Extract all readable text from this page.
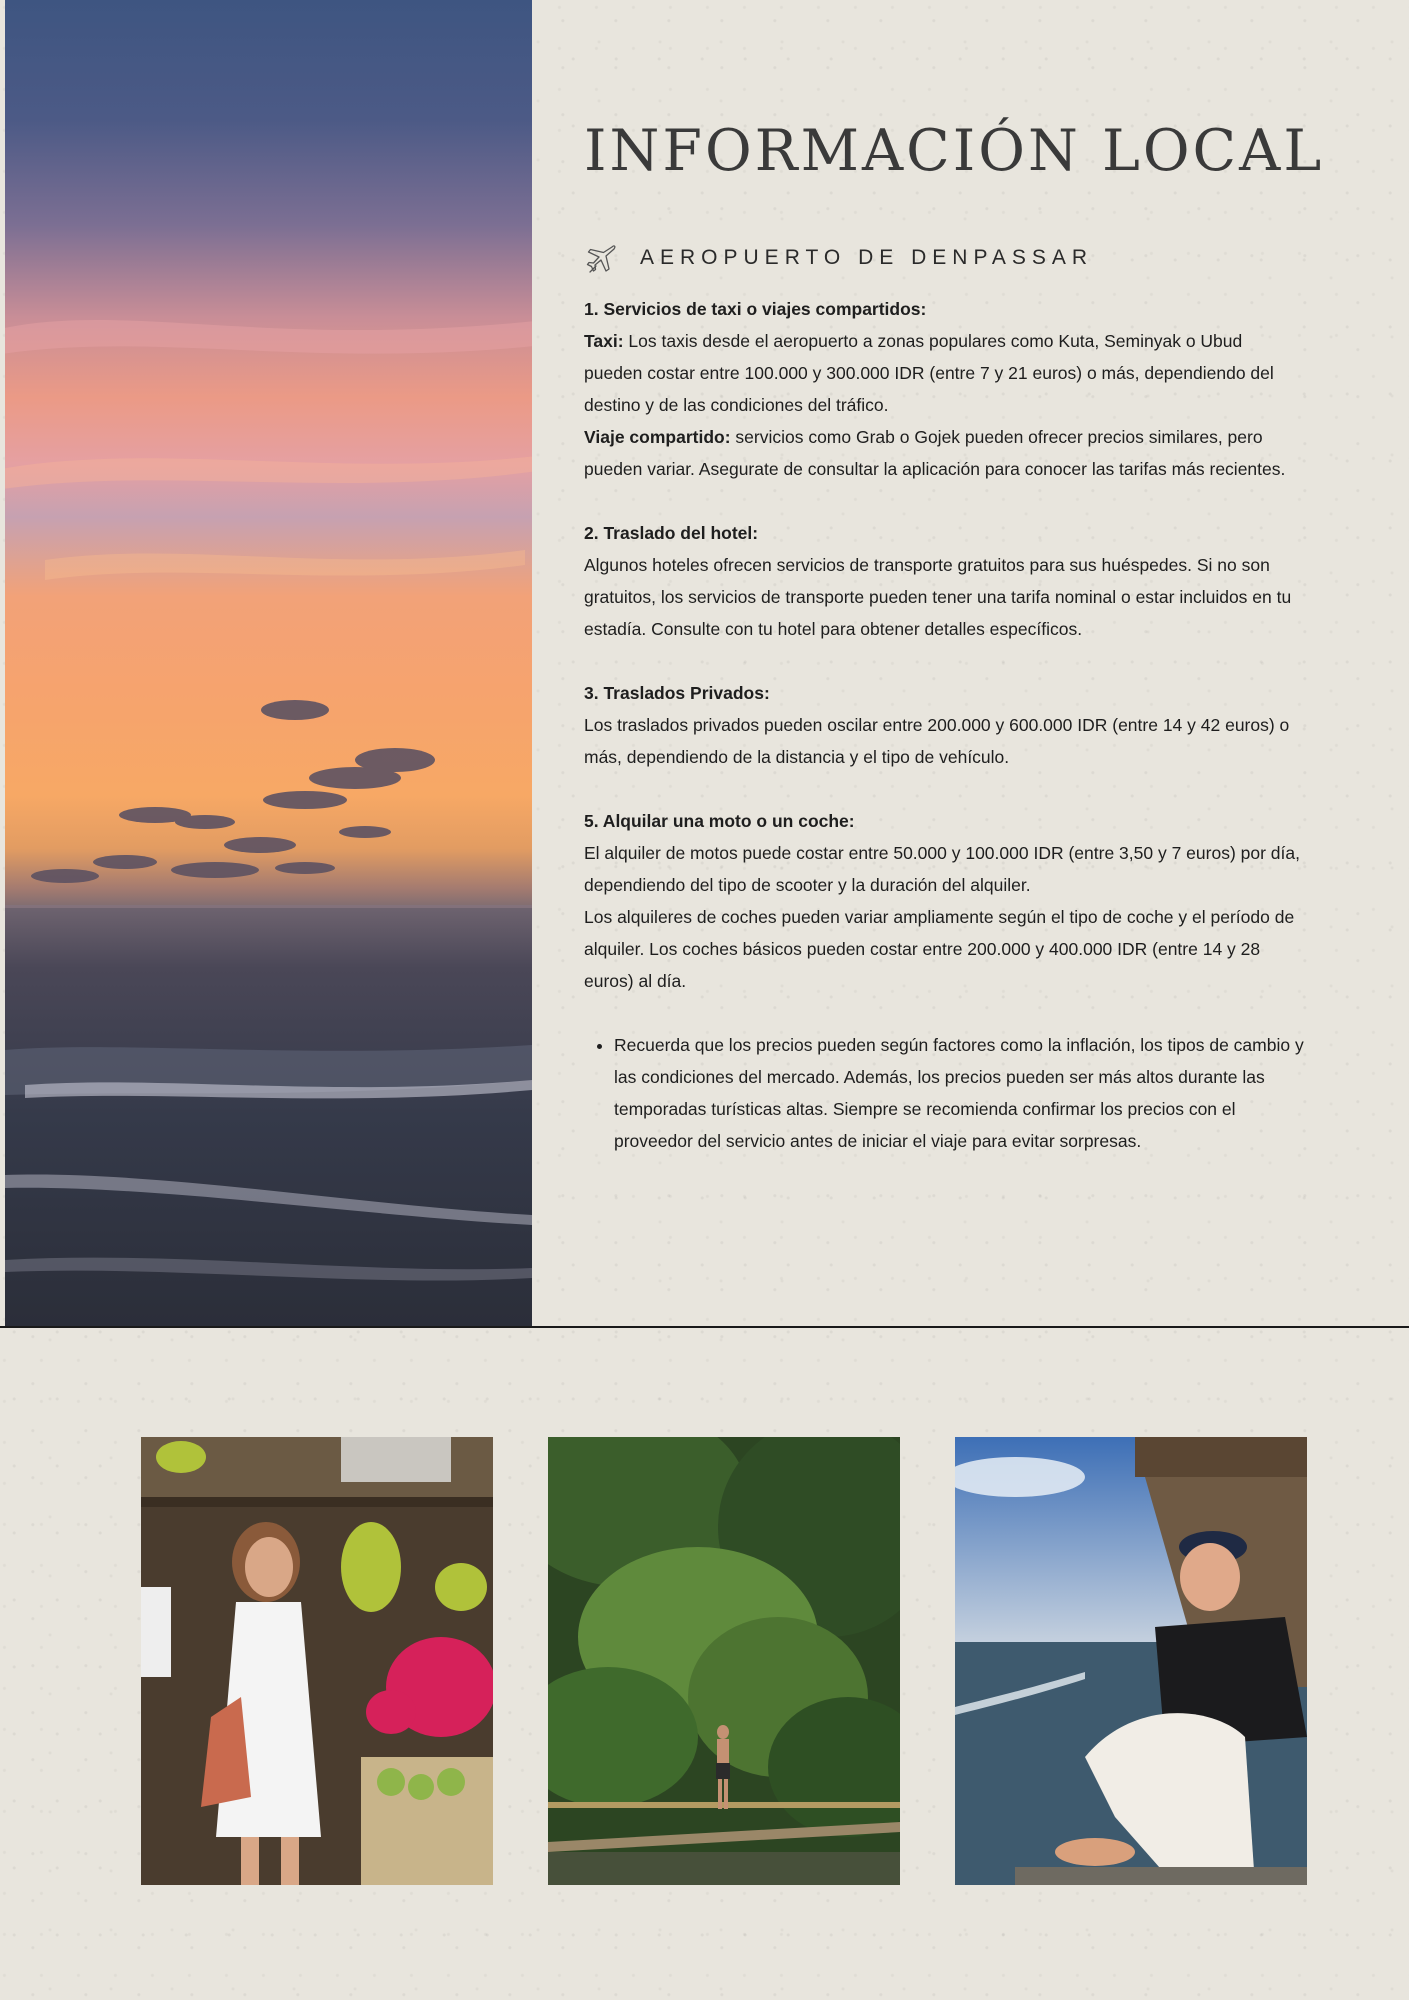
INFORMACIÓN LOCAL
AEROPUERTO DE DENPASSAR

1. Servicios de taxi o viajes compartidos:

Taxi: Los taxis desde el aeropuerto a zonas populares como Kuta, Seminyak o Ubud pueden costar entre 100.000 y 300.000 IDR (entre 7 y 21 euros) o más, dependiendo del destino y de las condiciones del tráfico.

Viaje compartido: servicios como Grab o Gojek pueden ofrecer precios similares, pero pueden variar. Asegurate de consultar la aplicación para conocer las tarifas más recientes.

2. Traslado del hotel:

Algunos hoteles ofrecen servicios de transporte gratuitos para sus huéspedes. Si no son gratuitos, los servicios de transporte pueden tener una tarifa nominal o estar incluidos en tu estadía. Consulte con tu hotel para obtener detalles específicos.

3. Traslados Privados:

Los traslados privados pueden oscilar entre 200.000 y 600.000 IDR (entre 14 y 42 euros) o más, dependiendo de la distancia y el tipo de vehículo.

5. Alquilar una moto o un coche:

El alquiler de motos puede costar entre 50.000 y 100.000 IDR (entre 3,50 y 7 euros) por día, dependiendo del tipo de scooter y la duración del alquiler.

Los alquileres de coches pueden variar ampliamente según el tipo de coche y el período de alquiler. Los coches básicos pueden costar entre 200.000 y 400.000 IDR (entre 14 y 28 euros) al día.

• Recuerda que los precios pueden según factores como la inflación, los tipos de cambio y las condiciones del mercado. Además, los precios pueden ser más altos durante las temporadas turísticas altas. Siempre se recomienda confirmar los precios con el proveedor del servicio antes de iniciar el viaje para evitar sorpresas.
